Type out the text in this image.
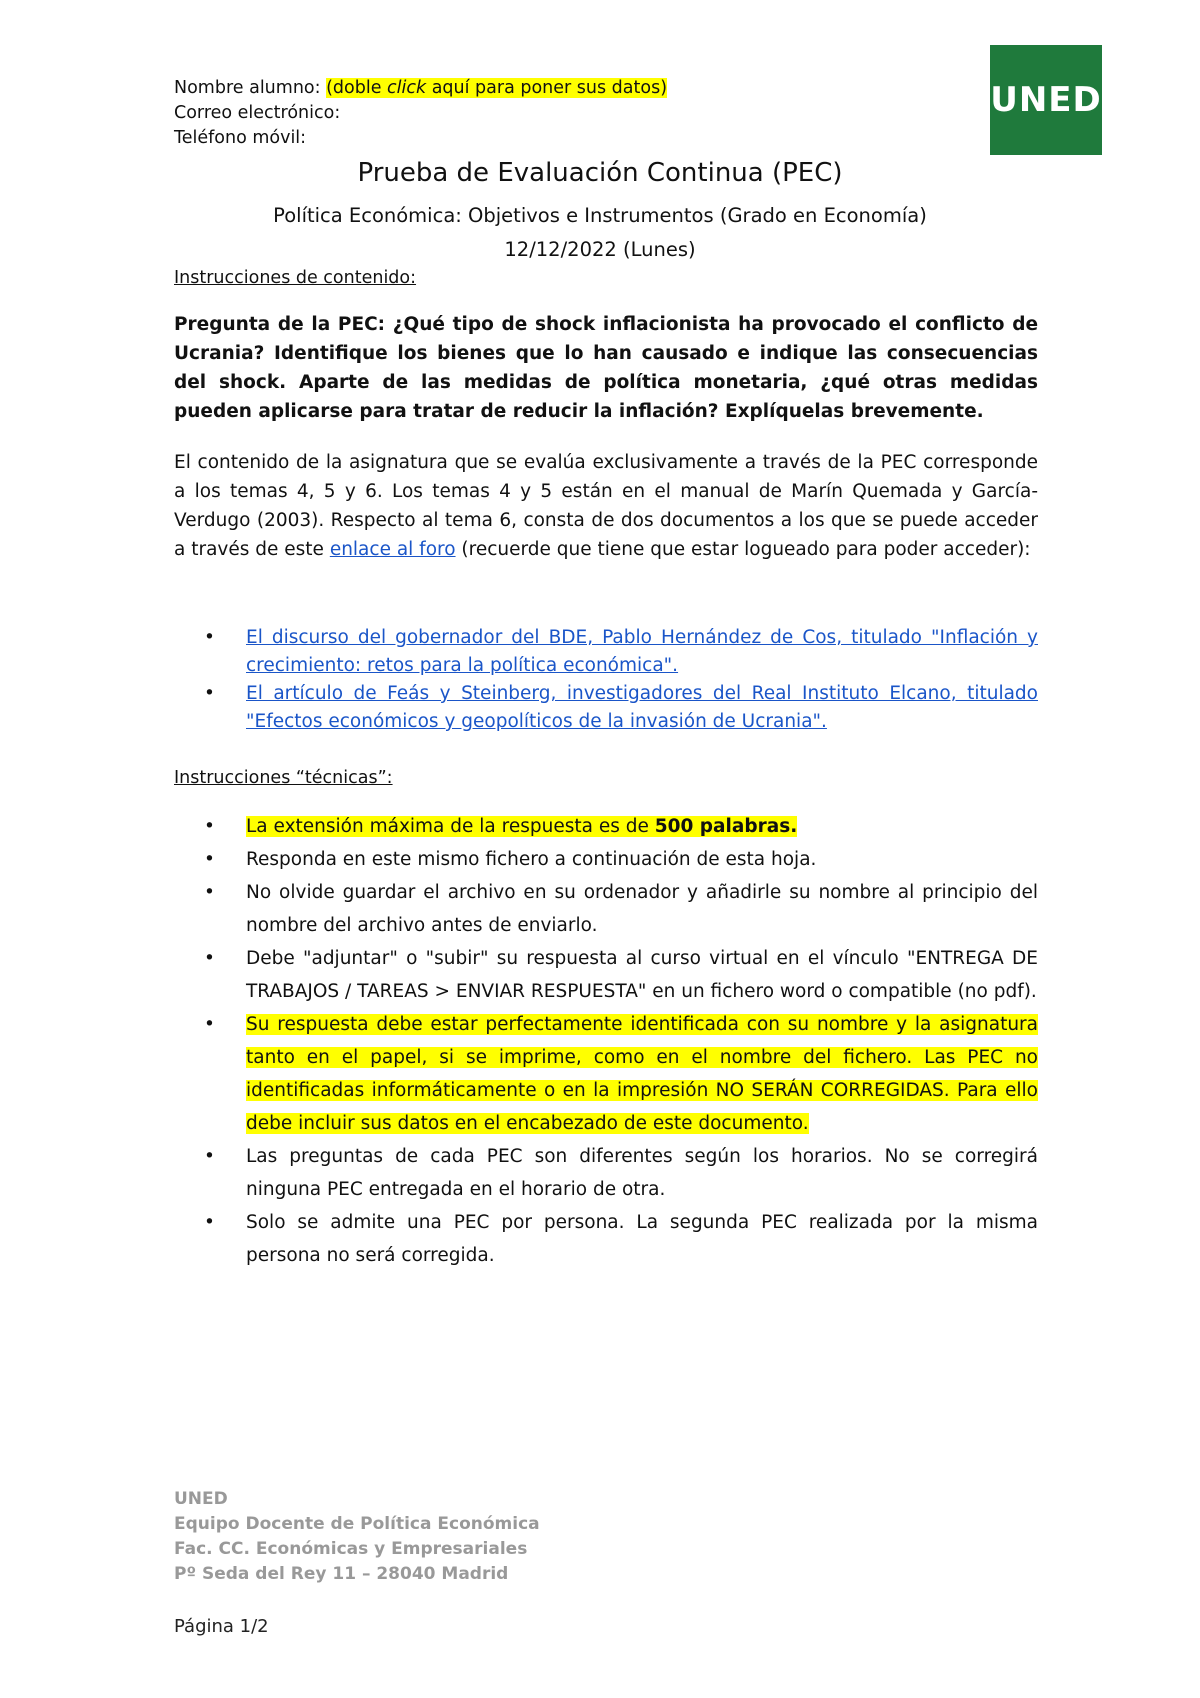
Nombre alumno: (doble click aquí para poner sus datos)
Correo electrónico:
Teléfono móvil:
UNED
Prueba de Evaluación Continua (PEC)
Política Económica: Objetivos e Instrumentos (Grado en Economía)
12/12/2022 (Lunes)
Instrucciones de contenido:
Pregunta de la PEC: ¿Qué tipo de shock inflacionista ha provocado el conflicto de Ucrania? Identifique los bienes que lo han causado e indique las consecuencias del shock. Aparte de las medidas de política monetaria, ¿qué otras medidas pueden aplicarse para tratar de reducir la inflación? Explíquelas brevemente.
El contenido de la asignatura que se evalúa exclusivamente a través de la PEC corresponde a los temas 4, 5 y 6. Los temas 4 y 5 están en el manual de Marín Quemada y García-Verdugo (2003). Respecto al tema 6, consta de dos documentos a los que se puede acceder a través de este enlace al foro (recuerde que tiene que estar logueado para poder acceder):
• El discurso del gobernador del BDE, Pablo Hernández de Cos, titulado "Inflación y crecimiento: retos para la política económica".
• El artículo de Feás y Steinberg, investigadores del Real Instituto Elcano, titulado "Efectos económicos y geopolíticos de la invasión de Ucrania".
Instrucciones “técnicas”:
• La extensión máxima de la respuesta es de 500 palabras.
• Responda en este mismo fichero a continuación de esta hoja.
• No olvide guardar el archivo en su ordenador y añadirle su nombre al principio del nombre del archivo antes de enviarlo.
• Debe "adjuntar" o "subir" su respuesta al curso virtual en el vínculo "ENTREGA DE TRABAJOS / TAREAS > ENVIAR RESPUESTA" en un fichero word o compatible (no pdf).
• Su respuesta debe estar perfectamente identificada con su nombre y la asignatura tanto en el papel, si se imprime, como en el nombre del fichero. Las PEC no identificadas informáticamente o en la impresión NO SERÁN CORREGIDAS. Para ello debe incluir sus datos en el encabezado de este documento.
• Las preguntas de cada PEC son diferentes según los horarios. No se corregirá ninguna PEC entregada en el horario de otra.
• Solo se admite una PEC por persona. La segunda PEC realizada por la misma persona no será corregida.
UNED
Equipo Docente de Política Económica
Fac. CC. Económicas y Empresariales
Pº Seda del Rey 11 – 28040 Madrid
Página 1/2
